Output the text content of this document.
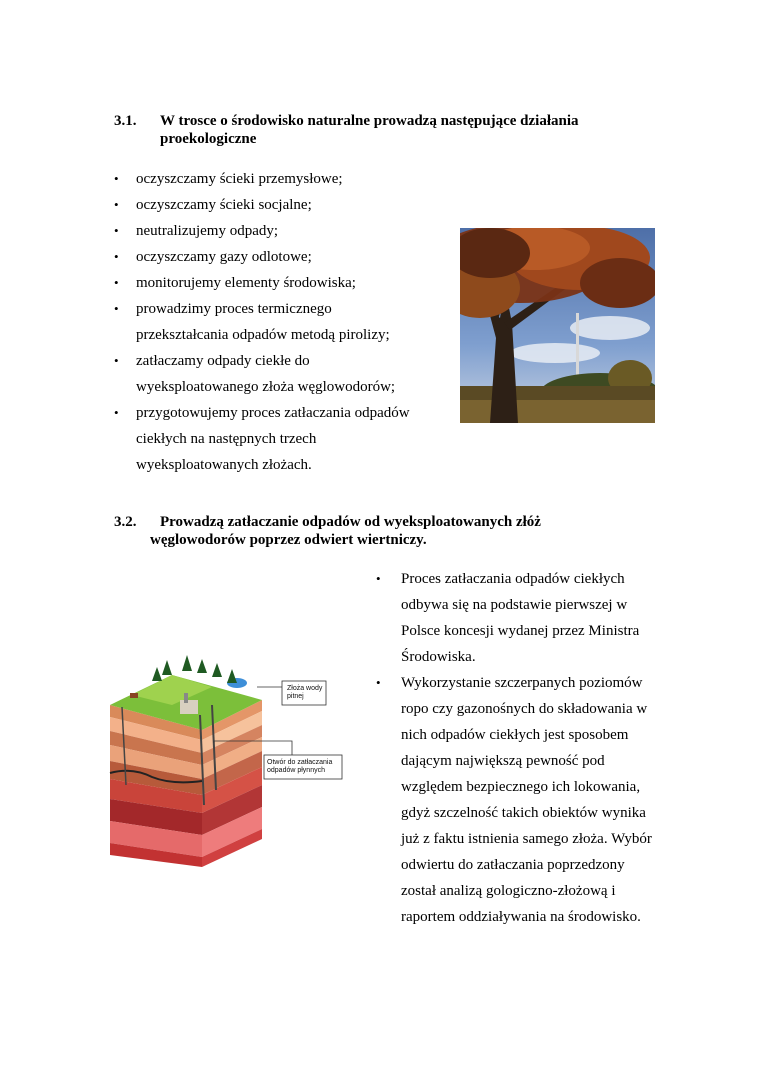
3.1. W trosce o środowisko naturalne prowadzą następujące działania
proekologiczne
• oczyszczamy ścieki przemysłowe;
• oczyszczamy ścieki socjalne;
• neutralizujemy odpady;
• oczyszczamy gazy odlotowe;
• monitorujemy elementy środowiska;
• prowadzimy proces termicznego
przekształcania odpadów metodą pirolizy;
• zatłaczamy odpady ciekłe do
wyeksploatowanego złoża węglowodorów;
• przygotowujemy proces zatłaczania odpadów
ciekłych na następnych trzech
wyeksploatowanych złożach.
3.2. Prowadzą zatłaczanie odpadów od wyeksploatowanych złóż
węglowodorów poprzez odwiert wiertniczy.
• Proces zatłaczania odpadów ciekłych
odbywa się na podstawie pierwszej w
Polsce koncesji wydanej przez Ministra
Środowiska.
• Wykorzystanie szczerpanych poziomów
ropo czy gazonośnych do składowania w
nich odpadów ciekłych jest sposobem
dającym największą pewność pod
względem bezpiecznego ich lokowania,
gdyż szczelność takich obiektów wynika
już z faktu istnienia samego złoża. Wybór
odwiertu do zatłaczania poprzedzony
został analizą gologiczno-złożową i
raportem oddziaływania na środowisko.
Złoża wody
pitnej
Otwór do zatłaczania
odpadów płynnych
